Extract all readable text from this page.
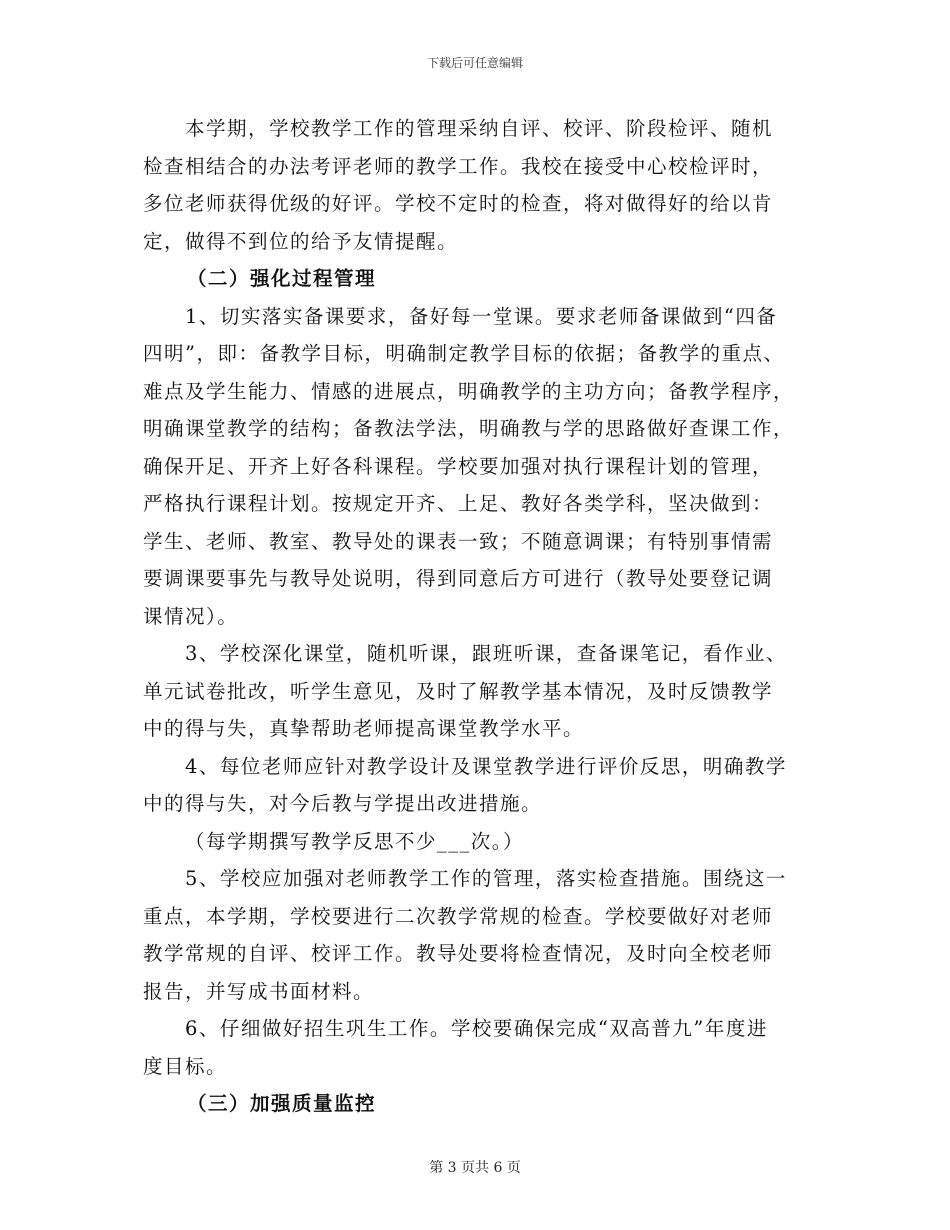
下载后可任意编辑
本学期，学校教学工作的管理采纳自评、校评、阶段检评、随机
检查相结合的办法考评老师的教学工作。我校在接受中心校检评时，
多位老师获得优级的好评。学校不定时的检查，将对做得好的给以肯
定，做得不到位的给予友情提醒。
（二）强化过程管理
1、切实落实备课要求，备好每一堂课。要求老师备课做到“四备
四明”，即：备教学目标，明确制定教学目标的依据；备教学的重点、
难点及学生能力、情感的进展点，明确教学的主功方向；备教学程序，
明确课堂教学的结构；备教法学法，明确教与学的思路做好查课工作，
确保开足、开齐上好各科课程。学校要加强对执行课程计划的管理，
严格执行课程计划。按规定开齐、上足、教好各类学科，坚决做到：
学生、老师、教室、教导处的课表一致；不随意调课；有特别事情需
要调课要事先与教导处说明，得到同意后方可进行（教导处要登记调
课情况）。
3、学校深化课堂，随机听课，跟班听课，查备课笔记，看作业、
单元试卷批改，听学生意见，及时了解教学基本情况，及时反馈教学
中的得与失，真挚帮助老师提高课堂教学水平。
4、每位老师应针对教学设计及课堂教学进行评价反思，明确教学
中的得与失，对今后教与学提出改进措施。
（每学期撰写教学反思不少___次。）
5、学校应加强对老师教学工作的管理，落实检查措施。围绕这一
重点，本学期，学校要进行二次教学常规的检查。学校要做好对老师
教学常规的自评、校评工作。教导处要将检查情况，及时向全校老师
报告，并写成书面材料。
6、仔细做好招生巩生工作。学校要确保完成“双高普九”年度进
度目标。
（三）加强质量监控
第 3 页共 6 页
